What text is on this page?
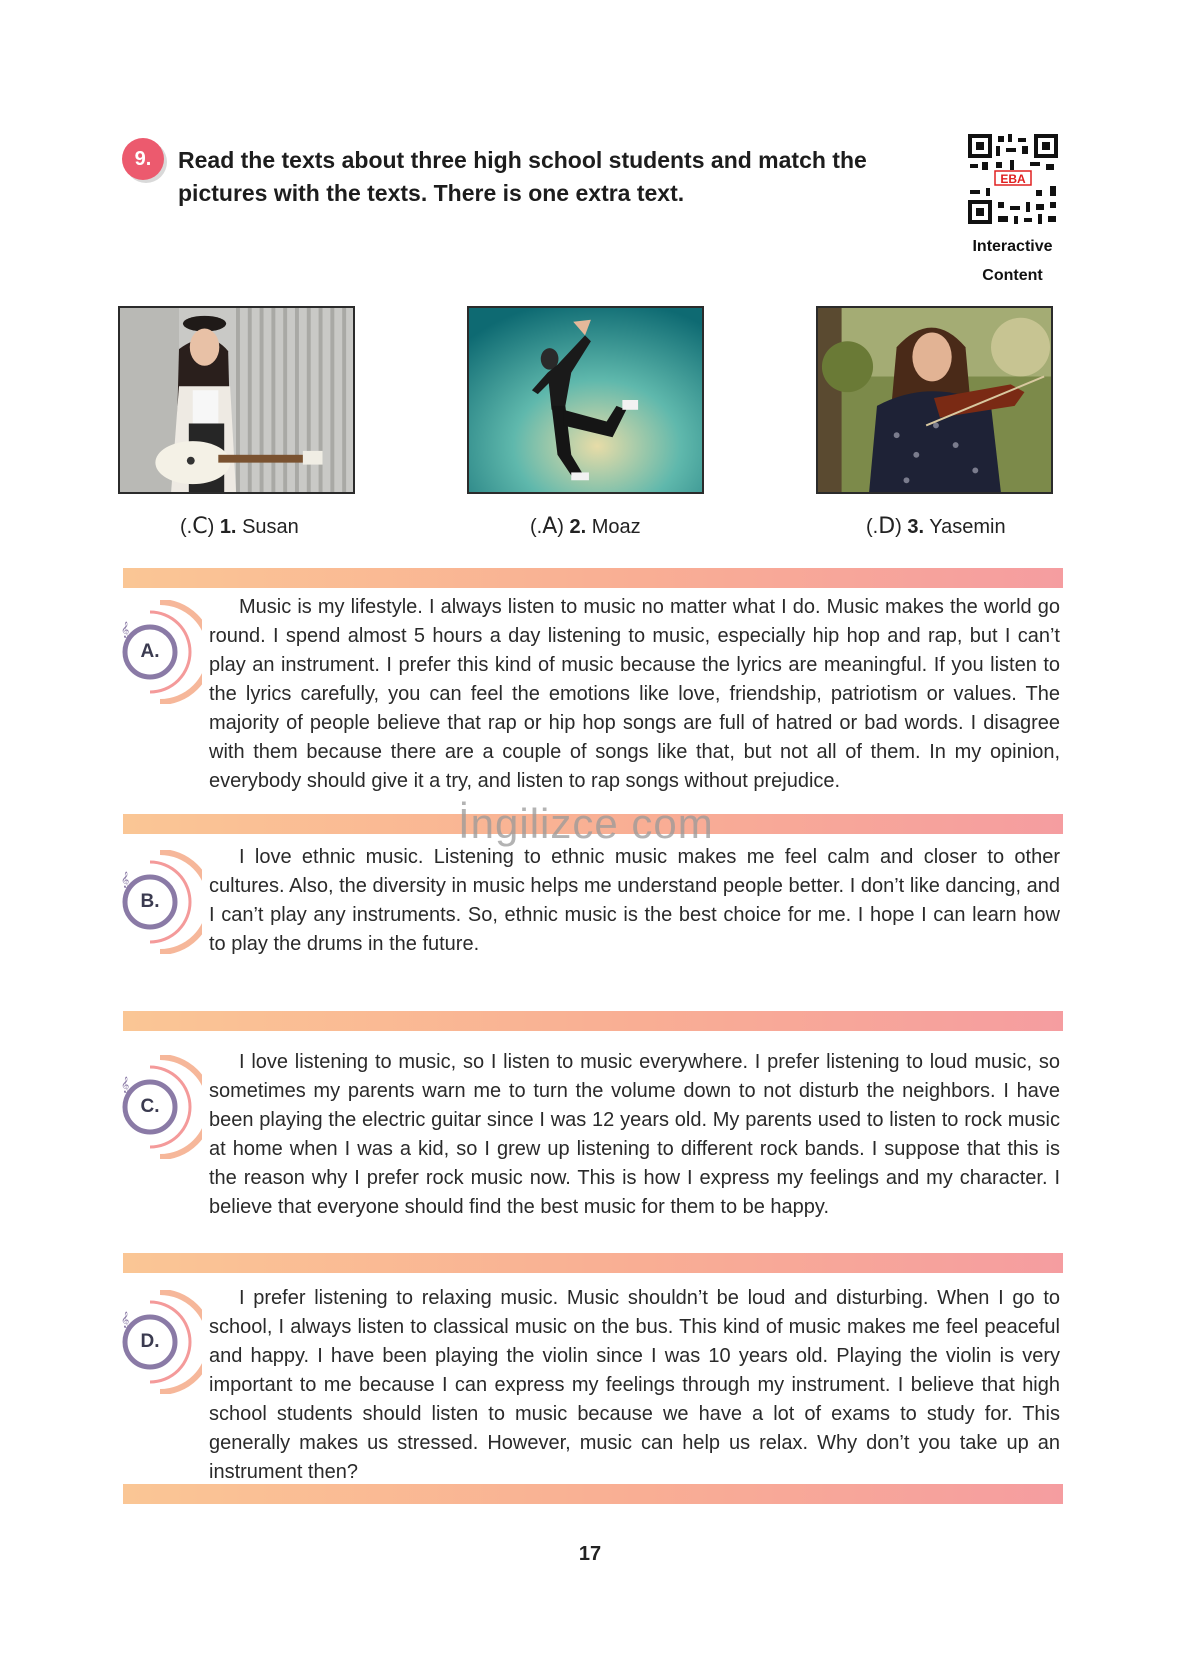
9. Read the texts about three high school students and match the pictures with the texts. There is one extra text.
EBA
Interactive
Content
(.C) 1. Susan	(.A) 2. Moaz	(.D) 3. Yasemin
𝄞
A.
Music is my lifestyle. I always listen to music no matter what I do. Music makes the world go round. I spend almost 5 hours a day listening to music, especially hip hop and rap, but I can’t play an instrument. I prefer this kind of music because the lyrics are meaningful. If you listen to the lyrics carefully, you can feel the emotions like love, friendship, patriotism or values. The majority of people believe that rap or hip hop songs are full of hatred or bad words. I disagree with them because there are a couple of songs like that, but not all of them. In my opinion, everybody should give it a try, and listen to rap songs without prejudice.
İngilizce com
𝄞
B.
I love ethnic music. Listening to ethnic music makes me feel calm and closer to other cultures. Also, the diversity in music helps me understand people better. I don’t like dancing, and I can’t play any instruments. So, ethnic music is the best choice for me. I hope I can learn how to play the drums in the future.
𝄞
C.
I love listening to music, so I listen to music everywhere. I prefer listening to loud music, so sometimes my parents warn me to turn the volume down to not disturb the neighbors. I have been playing the electric guitar since I was 12 years old. My parents used to listen to rock music at home when I was a kid, so I grew up listening to different rock bands. I suppose that this is the reason why I prefer rock music now. This is how I express my feelings and my character. I believe that everyone should find the best music for them to be happy.
𝄞
D.
I prefer listening to relaxing music. Music shouldn’t be loud and disturbing. When I go to school, I always listen to classical music on the bus. This kind of music makes me feel peaceful and happy. I have been playing the violin since I was 10 years old. Playing the violin is very important to me because I can express my feelings through my instrument. I believe that high school students should listen to music because we have a lot of exams to study for. This generally makes us stressed. However, music can help us relax. Why don’t you take up an instrument then?
17
